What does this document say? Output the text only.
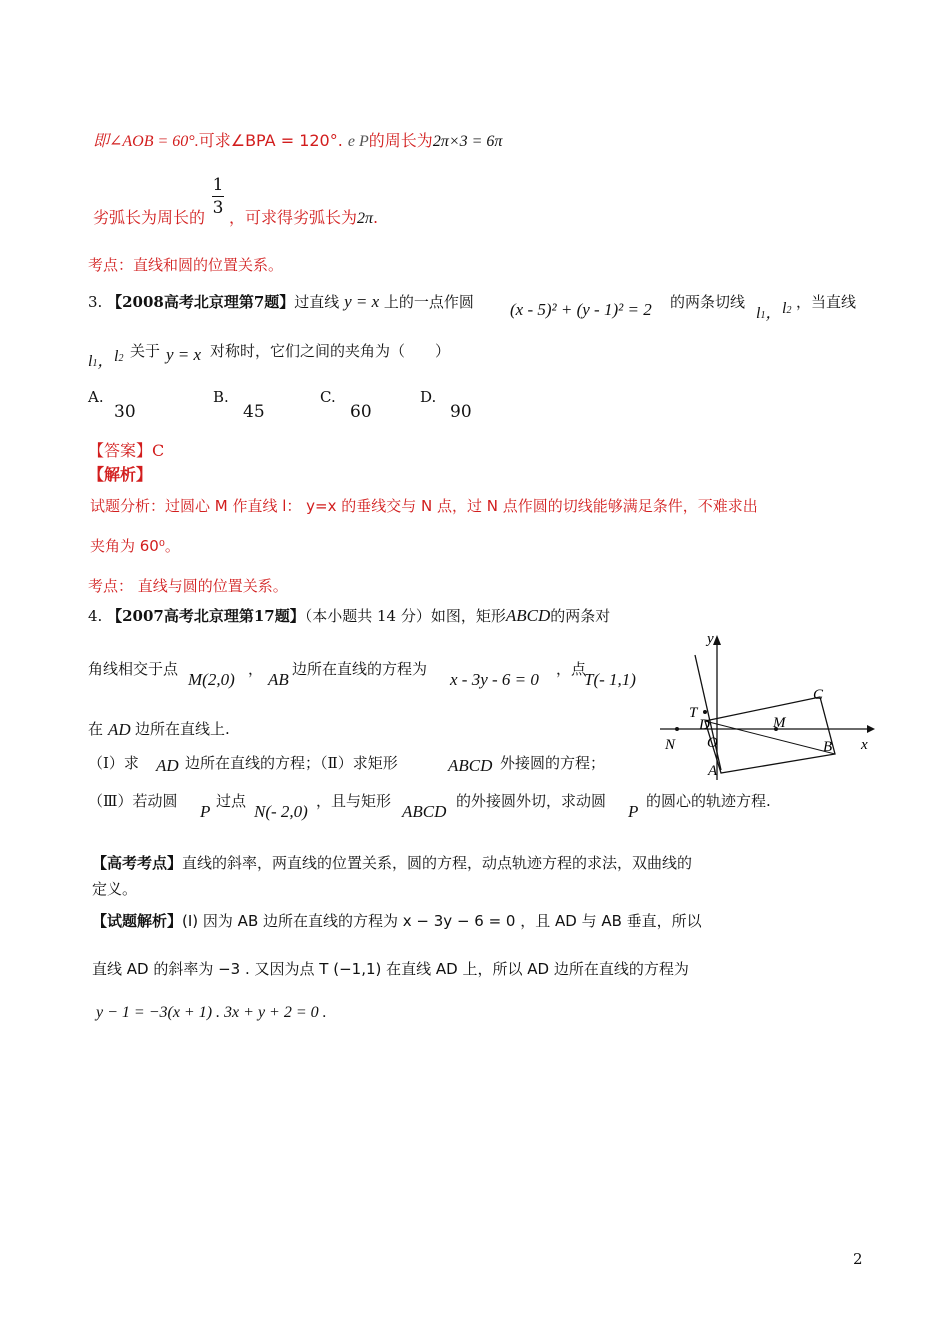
即∠AOB = 60°.可求∠BPA = 120°. e P的周长为2π×3 = 6π
1
3
劣弧长为周长的 ，可求得劣弧长为2π.
考点：直线和圆的位置关系。
3. 【2008高考北京理第7题】过直线 y = x 上的一点作圆 (x - 5)² + (y - 1)² = 2 的两条切线
l1， l2 ，当直线
l1， l2 关于 y = x 对称时，它们之间的夹角为（　　）
A.
30
B.
45
C.
60
D.
90
【答案】C
【解析】
试题分析：过圆心 M 作直线 l： y=x 的垂线交与 N 点，过 N 点作圆的切线能够满足条件，不难求出
夹角为 60⁰。
考点： 直线与圆的位置关系。
4. 【2007高考北京理第17题】（本小题共 14 分）如图，矩形ABCD的两条对
角线相交于点
M(2,0)
，
AB
边所在直线的方程为
x - 3y - 6 = 0
，点
T(- 1,1)
在 AD 边所在直线上.
（Ⅰ）求 AD 边所在直线的方程；（Ⅱ）求矩形	ABCD 外接圆的方程；
（Ⅲ）若动圆
P
过点
N(- 2,0)
，且与矩形
ABCD
的外接圆外切，求动圆
P
的圆心的轨迹方程.
y
x
T
D
O
N
M
C
B
A
【高考考点】直线的斜率，两直线的位置关系，圆的方程，动点轨迹方程的求法，双曲线的
定义。
【试题解析】(Ⅰ) 因为 AB 边所在直线的方程为 x − 3y − 6 = 0 ，且 AD 与 AB 垂直，所以
直线 AD 的斜率为 −3 . 又因为点 T (−1,1) 在直线 AD 上，所以 AD 边所在直线的方程为
y − 1 = −3(x + 1) . 3x + y + 2 = 0 .
2
